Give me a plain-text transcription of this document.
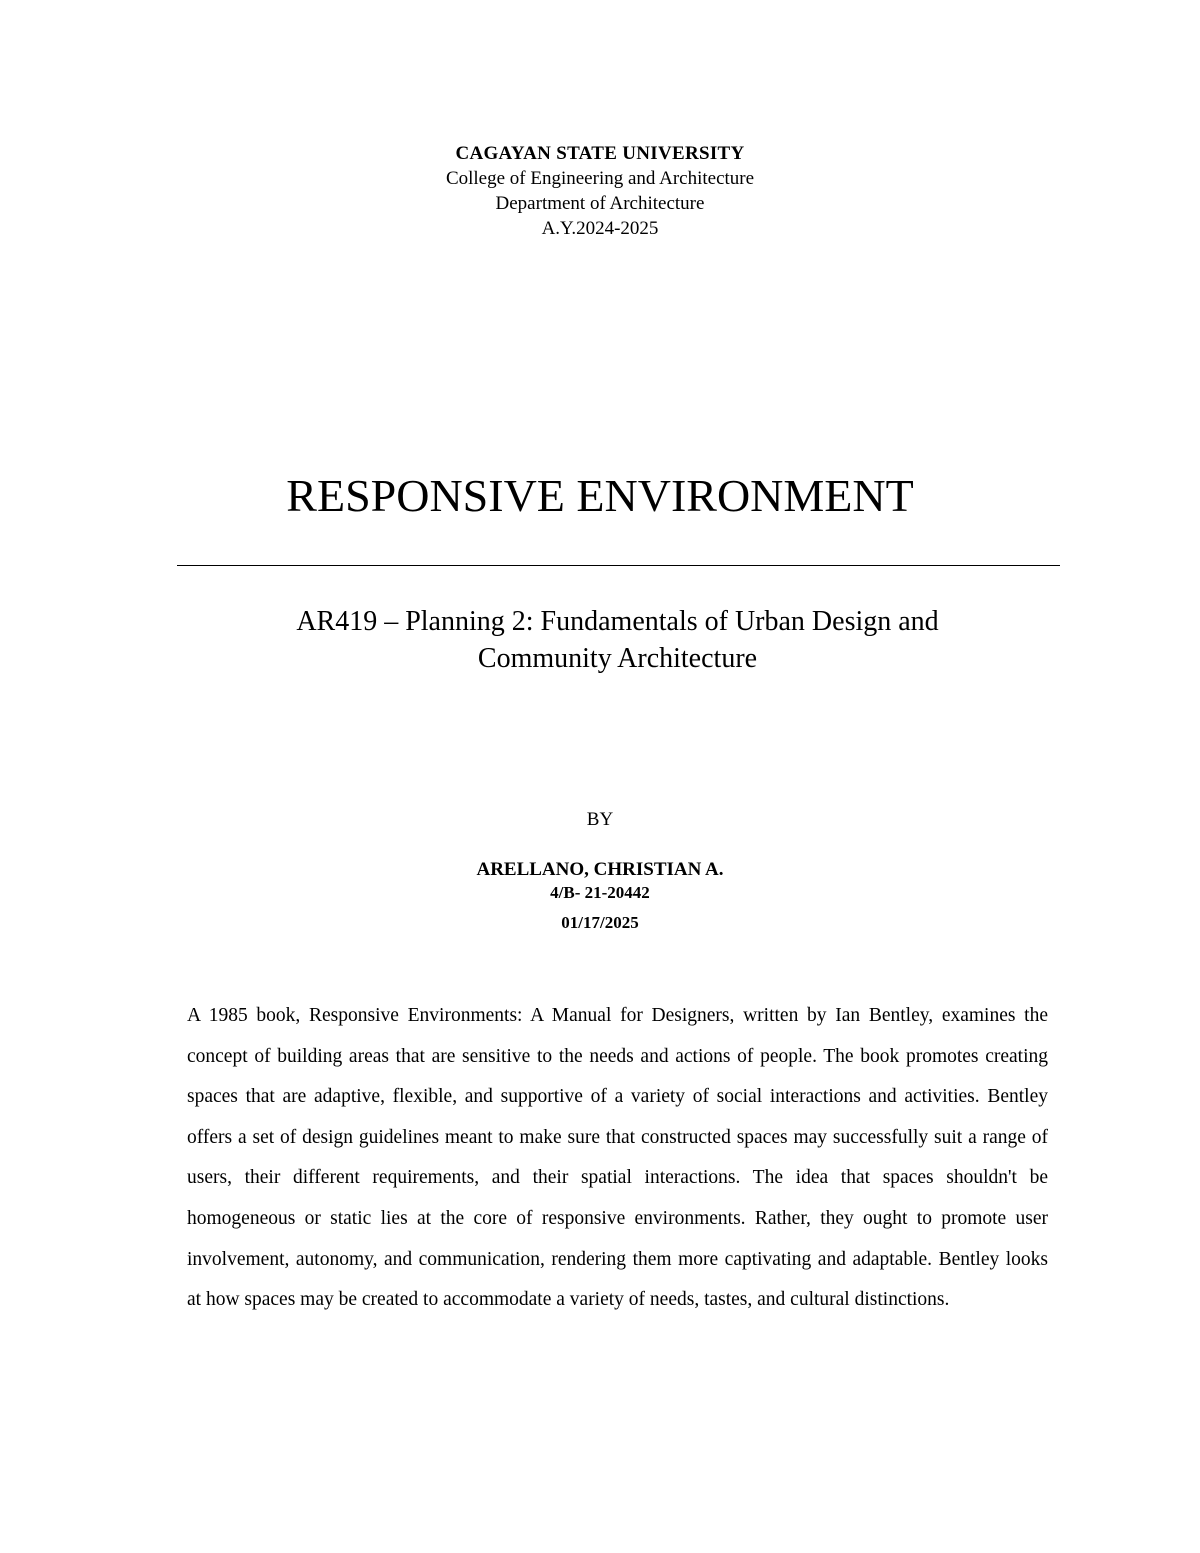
CAGAYAN STATE UNIVERSITY
College of Engineering and Architecture
Department of Architecture
A.Y.2024-2025
RESPONSIVE ENVIRONMENT
AR419 – Planning 2: Fundamentals of Urban Design and
Community Architecture
BY
ARELLANO, CHRISTIAN A.
4/B- 21-20442
01/17/2025

A 1985 book, Responsive Environments: A Manual for Designers, written by Ian Bentley, examines the concept of building areas that are sensitive to the needs and actions of people. The book promotes creating spaces that are adaptive, flexible, and supportive of a variety of social interactions and activities. Bentley offers a set of design guidelines meant to make sure that constructed spaces may successfully suit a range of users, their different requirements, and their spatial interactions. The idea that spaces shouldn't be homogeneous or static lies at the core of responsive environments. Rather, they ought to promote user involvement, autonomy, and communication, rendering them more captivating and adaptable. Bentley looks at how spaces may be created to accommodate a variety of needs, tastes, and cultural distinctions.
